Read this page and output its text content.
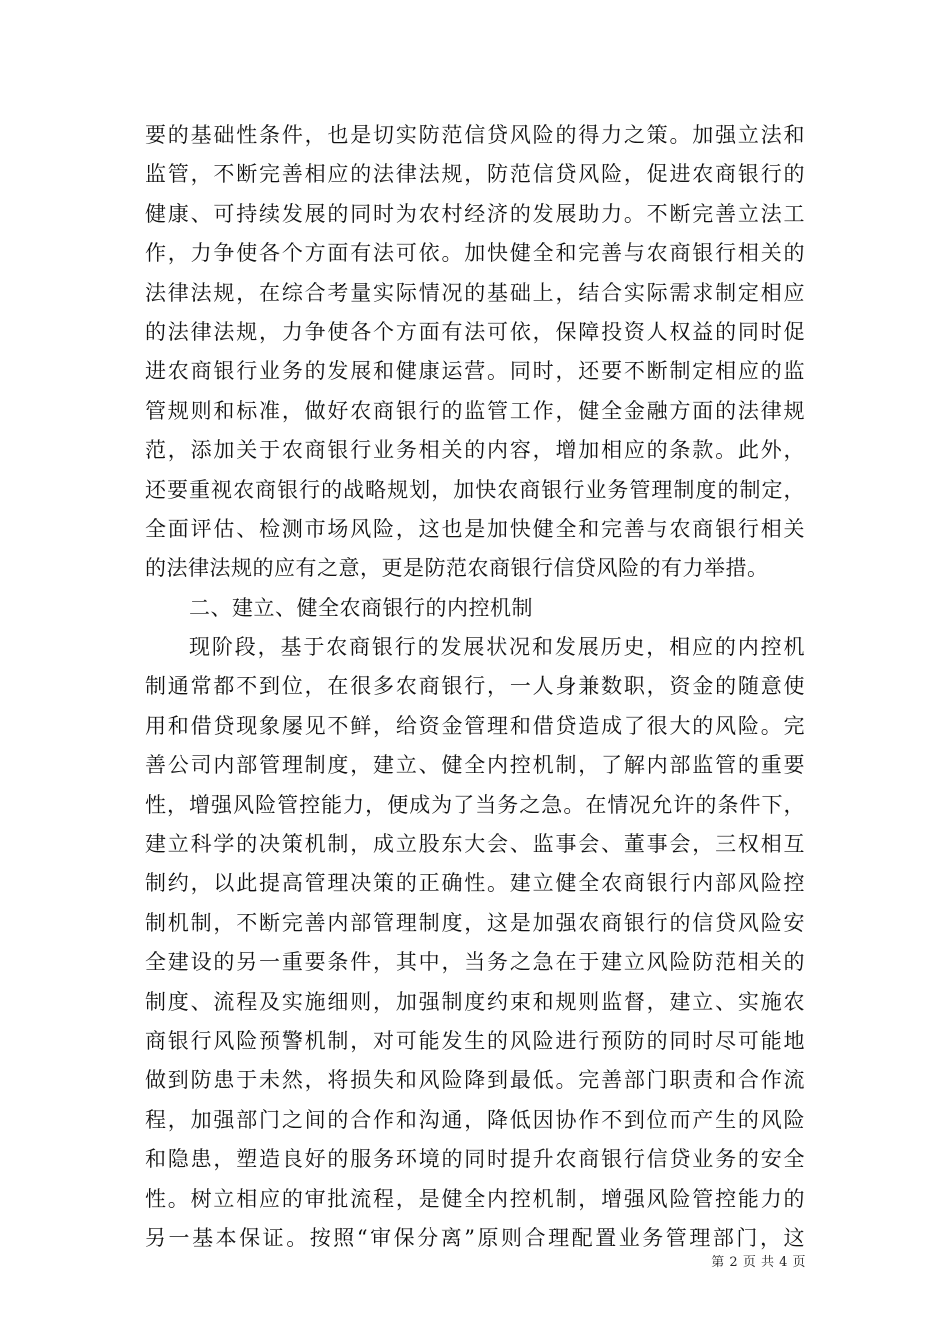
要的基础性条件，也是切实防范信贷风险的得力之策。加强立法和
监管，不断完善相应的法律法规，防范信贷风险，促进农商银行的
健康、可持续发展的同时为农村经济的发展助力。不断完善立法工
作，力争使各个方面有法可依。加快健全和完善与农商银行相关的
法律法规，在综合考量实际情况的基础上，结合实际需求制定相应
的法律法规，力争使各个方面有法可依，保障投资人权益的同时促
进农商银行业务的发展和健康运营。同时，还要不断制定相应的监
管规则和标准，做好农商银行的监管工作，健全金融方面的法律规
范，添加关于农商银行业务相关的内容，增加相应的条款。此外，
还要重视农商银行的战略规划，加快农商银行业务管理制度的制定，
全面评估、检测市场风险，这也是加快健全和完善与农商银行相关
的法律法规的应有之意，更是防范农商银行信贷风险的有力举措。
二、建立、健全农商银行的内控机制
现阶段，基于农商银行的发展状况和发展历史，相应的内控机
制通常都不到位，在很多农商银行，一人身兼数职，资金的随意使
用和借贷现象屡见不鲜，给资金管理和借贷造成了很大的风险。完
善公司内部管理制度，建立、健全内控机制，了解内部监管的重要
性，增强风险管控能力，便成为了当务之急。在情况允许的条件下，
建立科学的决策机制，成立股东大会、监事会、董事会，三权相互
制约，以此提高管理决策的正确性。建立健全农商银行内部风险控
制机制，不断完善内部管理制度，这是加强农商银行的信贷风险安
全建设的另一重要条件，其中，当务之急在于建立风险防范相关的
制度、流程及实施细则，加强制度约束和规则监督，建立、实施农
商银行风险预警机制，对可能发生的风险进行预防的同时尽可能地
做到防患于未然，将损失和风险降到最低。完善部门职责和合作流
程，加强部门之间的合作和沟通，降低因协作不到位而产生的风险
和隐患，塑造良好的服务环境的同时提升农商银行信贷业务的安全
性。树立相应的审批流程，是健全内控机制，增强风险管控能力的
另一基本保证。按照“审保分离”原则合理配置业务管理部门，这
第 2 页 共 4 页
